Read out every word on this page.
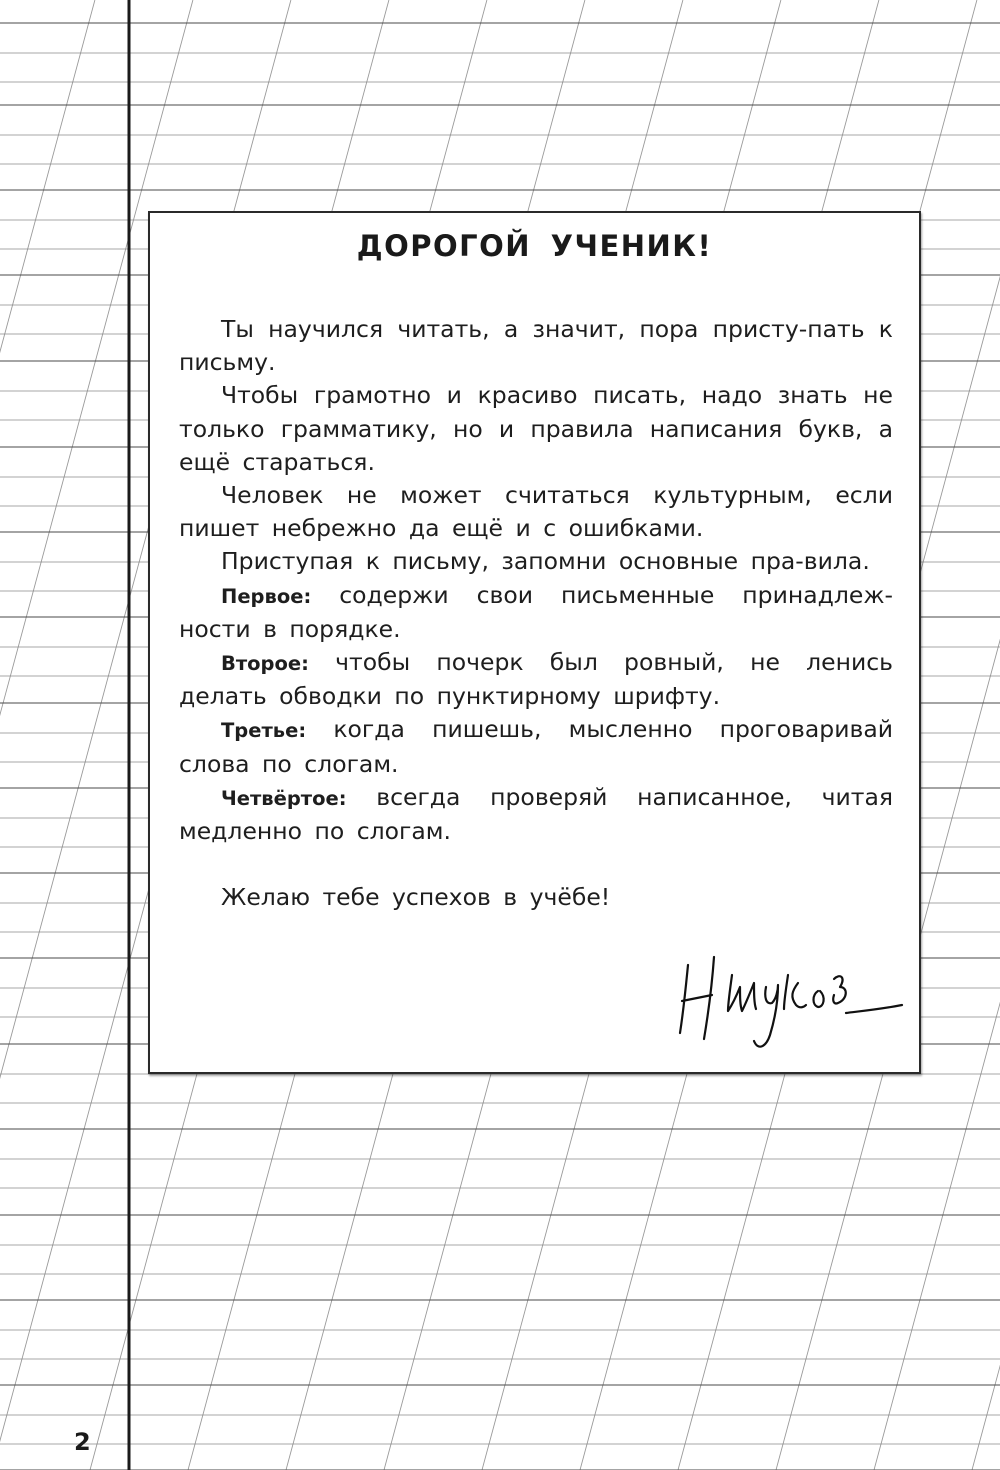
ДОРОГОЙ УЧЕНИК!

Ты научился читать, а значит, пора присту-пать к письму.

Чтобы грамотно и красиво писать, надо знать не только грамматику, но и правила написания букв, а ещё стараться.

Человек не может считаться культурным, если пишет небрежно да ещё и с ошибками.

Приступая к письму, запомни основные пра-вила.

Первое: содержи свои письменные принадлеж-ности в порядке.

Второе: чтобы почерк был ровный, не ленись делать обводки по пунктирному шрифту.

Третье: когда пишешь, мысленно проговаривай слова по слогам.

Четвёртое: всегда проверяй написанное, читая медленно по слогам.

Желаю тебе успехов в учёбе!

2
